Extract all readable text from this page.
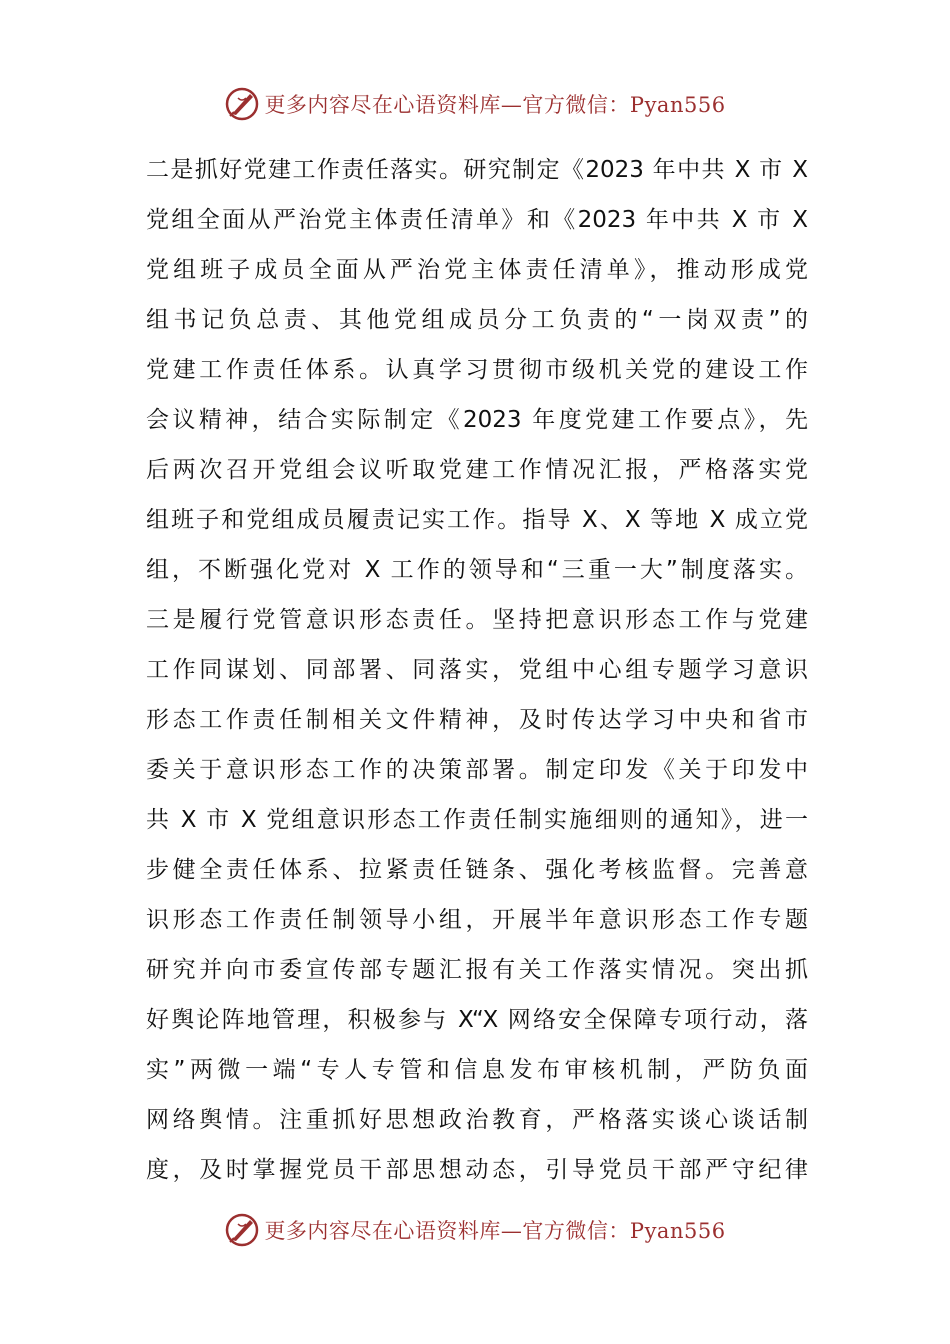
更多内容尽在心语资料库—官方微信：Pyan556
二是抓好党建工作责任落实。研究制定《2023 年中共 X 市 X
党组全面从严治党主体责任清单》和《2023 年中共 X 市 X
党组班子成员全面从严治党主体责任清单》，推动形成党
组书记负总责、其他党组成员分工负责的“一岗双责”的
党建工作责任体系。认真学习贯彻市级机关党的建设工作
会议精神，结合实际制定《2023 年度党建工作要点》，先
后两次召开党组会议听取党建工作情况汇报，严格落实党
组班子和党组成员履责记实工作。指导 X、X 等地 X 成立党
组，不断强化党对 X 工作的领导和“三重一大”制度落实。
三是履行党管意识形态责任。坚持把意识形态工作与党建
工作同谋划、同部署、同落实，党组中心组专题学习意识
形态工作责任制相关文件精神，及时传达学习中央和省市
委关于意识形态工作的决策部署。制定印发《关于印发中
共 X 市 X 党组意识形态工作责任制实施细则的通知》，进一
步健全责任体系、拉紧责任链条、强化考核监督。完善意
识形态工作责任制领导小组，开展半年意识形态工作专题
研究并向市委宣传部专题汇报有关工作落实情况。突出抓
好舆论阵地管理，积极参与 X“X 网络安全保障专项行动，落
实”两微一端“专人专管和信息发布审核机制，严防负面
网络舆情。注重抓好思想政治教育，严格落实谈心谈话制
度，及时掌握党员干部思想动态，引导党员干部严守纪律
更多内容尽在心语资料库—官方微信：Pyan556
